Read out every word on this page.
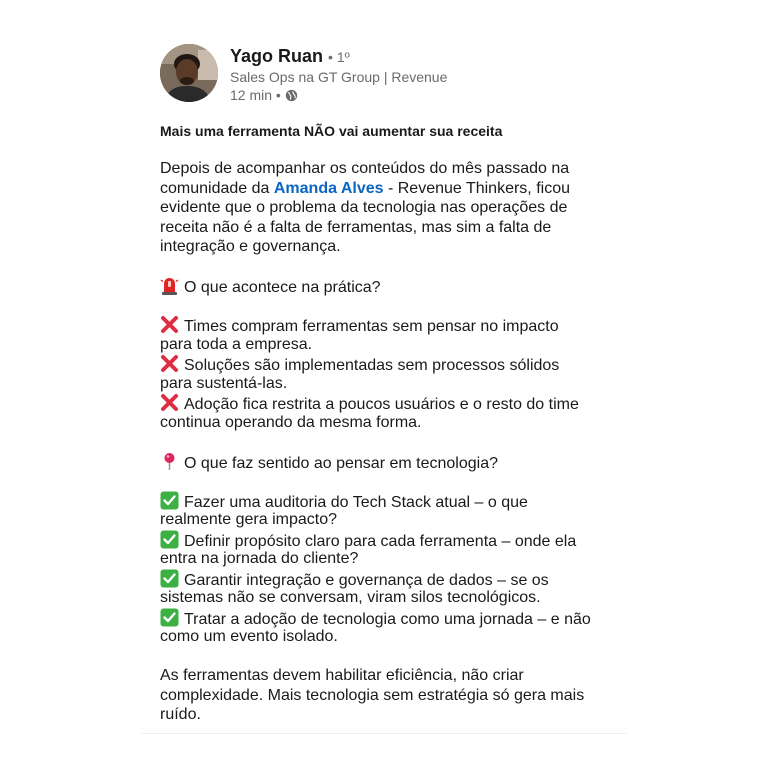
Yago Ruan • 1º
Sales Ops na GT Group | Revenue
12 min •
Mais uma ferramenta NÃO vai aumentar sua receita
Depois de acompanhar os conteúdos do mês passado na
comunidade da Amanda Alves - Revenue Thinkers, ficou
evidente que o problema da tecnologia nas operações de
receita não é a falta de ferramentas, mas sim a falta de
integração e governança.
O que acontece na prática?
Times compram ferramentas sem pensar no impacto
para toda a empresa.
Soluções são implementadas sem processos sólidos
para sustentá-las.
Adoção fica restrita a poucos usuários e o resto do time
continua operando da mesma forma.
O que faz sentido ao pensar em tecnologia?
Fazer uma auditoria do Tech Stack atual – o que
realmente gera impacto?
Definir propósito claro para cada ferramenta – onde ela
entra na jornada do cliente?
Garantir integração e governança de dados – se os
sistemas não se conversam, viram silos tecnológicos.
Tratar a adoção de tecnologia como uma jornada – e não
como um evento isolado.
As ferramentas devem habilitar eficiência, não criar
complexidade. Mais tecnologia sem estratégia só gera mais
ruído.
